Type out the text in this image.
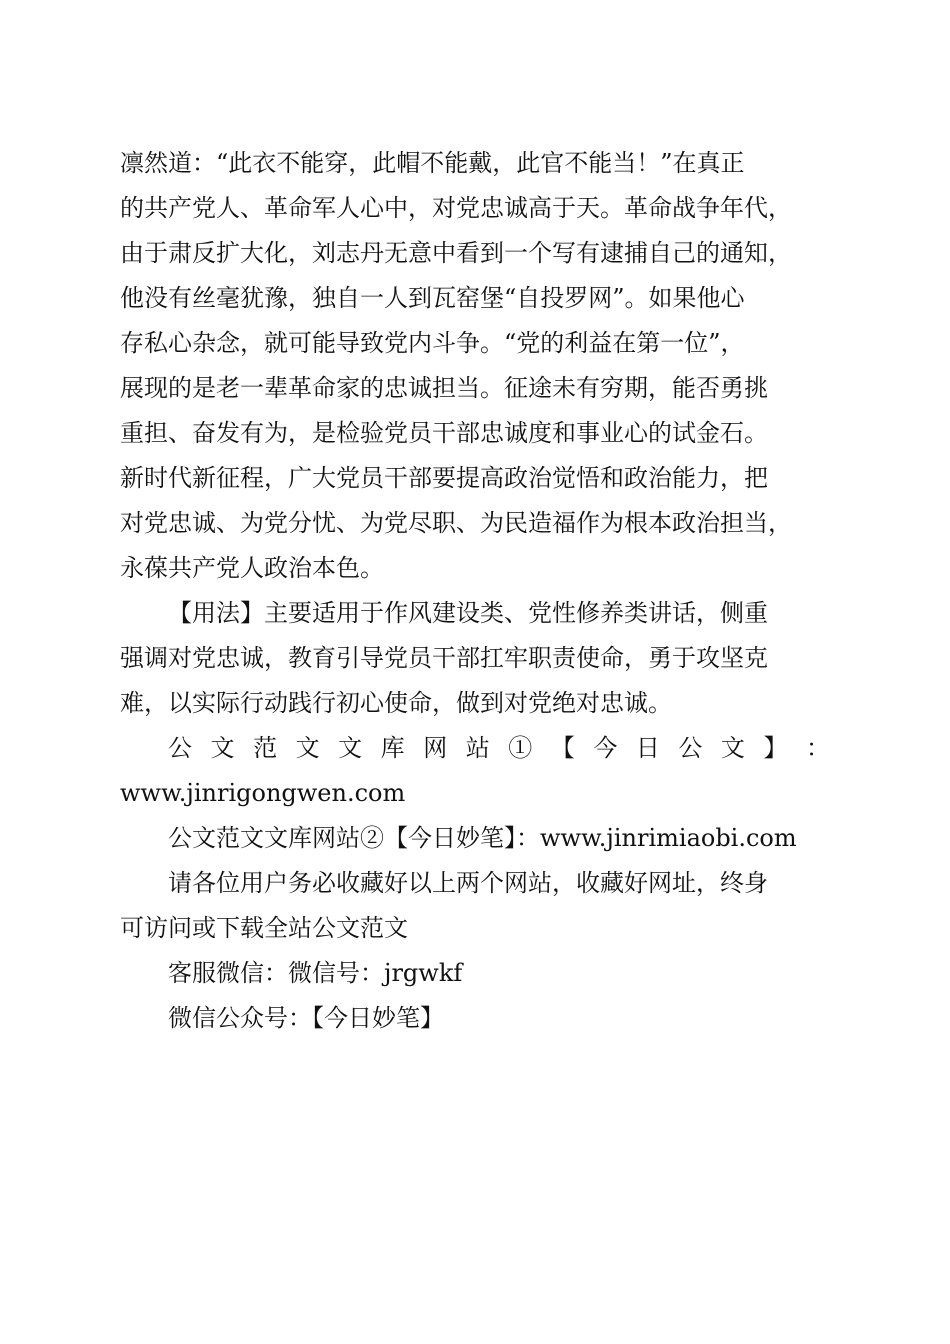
凛然道：“此衣不能穿，此帽不能戴，此官不能当！”在真正
的共产党人、革命军人心中，对党忠诚高于天。革命战争年代，
由于肃反扩大化，刘志丹无意中看到一个写有逮捕自己的通知，
他没有丝毫犹豫，独自一人到瓦窑堡“自投罗网”。如果他心
存私心杂念，就可能导致党内斗争。“党的利益在第一位”，
展现的是老一辈革命家的忠诚担当。征途未有穷期，能否勇挑
重担、奋发有为，是检验党员干部忠诚度和事业心的试金石。
新时代新征程，广大党员干部要提高政治觉悟和政治能力，把
对党忠诚、为党分忧、为党尽职、为民造福作为根本政治担当，
永葆共产党人政治本色。

【用法】主要适用于作风建设类、党性修养类讲话，侧重
强调对党忠诚，教育引导党员干部扛牢职责使命，勇于攻坚克
难，以实际行动践行初心使命，做到对党绝对忠诚。

公 文 范 文 文 库 网 站 ① 【 今 日 公 文 】 ：
www.jinrigongwen.com

公文范文文库网站②【今日妙笔】：www.jinrimiaobi.com

请各位用户务必收藏好以上两个网站，收藏好网址，终身
可访问或下载全站公文范文

客服微信：微信号：jrgwkf

微信公众号：【今日妙笔】
